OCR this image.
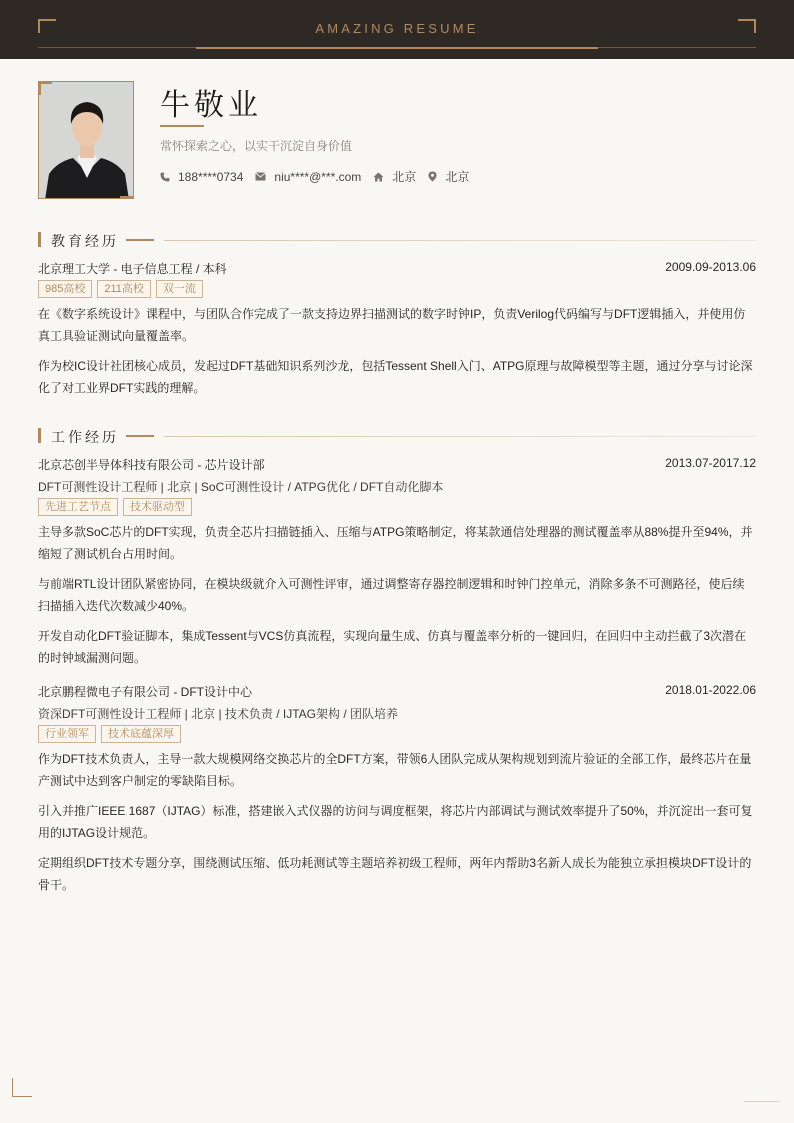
AMAZING RESUME
牛敬业
常怀探索之心，以实干沉淀自身价值
188****0734	niu****@***.com	北京 北京
教育经历
北京理工大学 - 电子信息工程 / 本科	2009.09-2013.06
985高校	211高校	双一流
在《数字系统设计》课程中，与团队合作完成了一款支持边界扫描测试的数字时钟IP，负责Verilog代码编写与DFT逻辑插入，并使用仿真工具验证测试向量覆盖率。
作为校IC设计社团核心成员，发起过DFT基础知识系列沙龙，包括Tessent Shell入门、ATPG原理与故障模型等主题，通过分享与讨论深化了对工业界DFT实践的理解。
工作经历
北京芯创半导体科技有限公司 - 芯片设计部	2013.07-2017.12
DFT可测性设计工程师 | 北京 | SoC可测性设计 / ATPG优化 / DFT自动化脚本
先进工艺节点	技术驱动型
主导多款SoC芯片的DFT实现，负责全芯片扫描链插入、压缩与ATPG策略制定，将某款通信处理器的测试覆盖率从88%提升至94%，并缩短了测试机台占用时间。
与前端RTL设计团队紧密协同，在模块级就介入可测性评审，通过调整寄存器控制逻辑和时钟门控单元，消除多条不可测路径，使后续扫描插入迭代次数减少40%。
开发自动化DFT验证脚本，集成Tessent与VCS仿真流程，实现向量生成、仿真与覆盖率分析的一键回归，在回归中主动拦截了3次潜在的时钟域漏测问题。
北京鹏程微电子有限公司 - DFT设计中心	2018.01-2022.06
资深DFT可测性设计工程师 | 北京 | 技术负责 / IJTAG架构 / 团队培养
行业领军	技术底蕴深厚
作为DFT技术负责人，主导一款大规模网络交换芯片的全DFT方案，带领6人团队完成从架构规划到流片验证的全部工作，最终芯片在量产测试中达到客户制定的零缺陷目标。
引入并推广IEEE 1687（IJTAG）标准，搭建嵌入式仪器的访问与调度框架，将芯片内部调试与测试效率提升了50%，并沉淀出一套可复用的IJTAG设计规范。
定期组织DFT技术专题分享，围绕测试压缩、低功耗测试等主题培养初级工程师，两年内帮助3名新人成长为能独立承担模块DFT设计的骨干。
